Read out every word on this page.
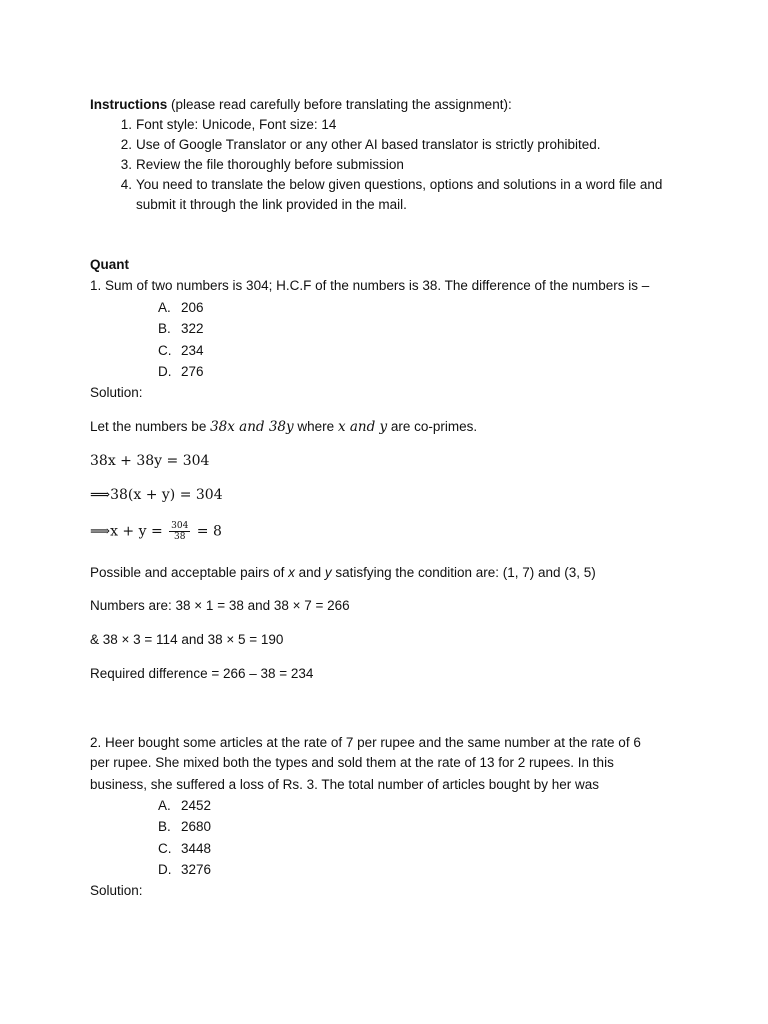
Instructions (please read carefully before translating the assignment):
1. Font style: Unicode, Font size: 14
2. Use of Google Translator or any other AI based translator is strictly prohibited.
3. Review the file thoroughly before submission
4. You need to translate the below given questions, options and solutions in a word file and
submit it through the link provided in the mail.
Quant
1. Sum of two numbers is 304; H.C.F of the numbers is 38. The difference of the numbers is –
A. 206
B. 322
C. 234
D. 276
Solution:
Let the numbers be 38x and 38y where x and y are co-primes.
38x + 38y = 304
⟹38(x + y) = 304
⟹x + $y = \frac{304}{38} = 8$
Possible and acceptable pairs of x and y satisfying the condition are: (1, 7) and (3, 5)
Numbers are: 38 × 1 = 38 and 38 × 7 = 266
& 38 × 3 = 114 and 38 × 5 = 190
Required difference = 266 – 38 = 234
2. Heer bought some articles at the rate of 7 per rupee and the same number at the rate of 6
per rupee. She mixed both the types and sold them at the rate of 13 for 2 rupees. In this
business, she suffered a loss of Rs. 3. The total number of articles bought by her was
A. 2452
B. 2680
C. 3448
D. 3276
Solution:
